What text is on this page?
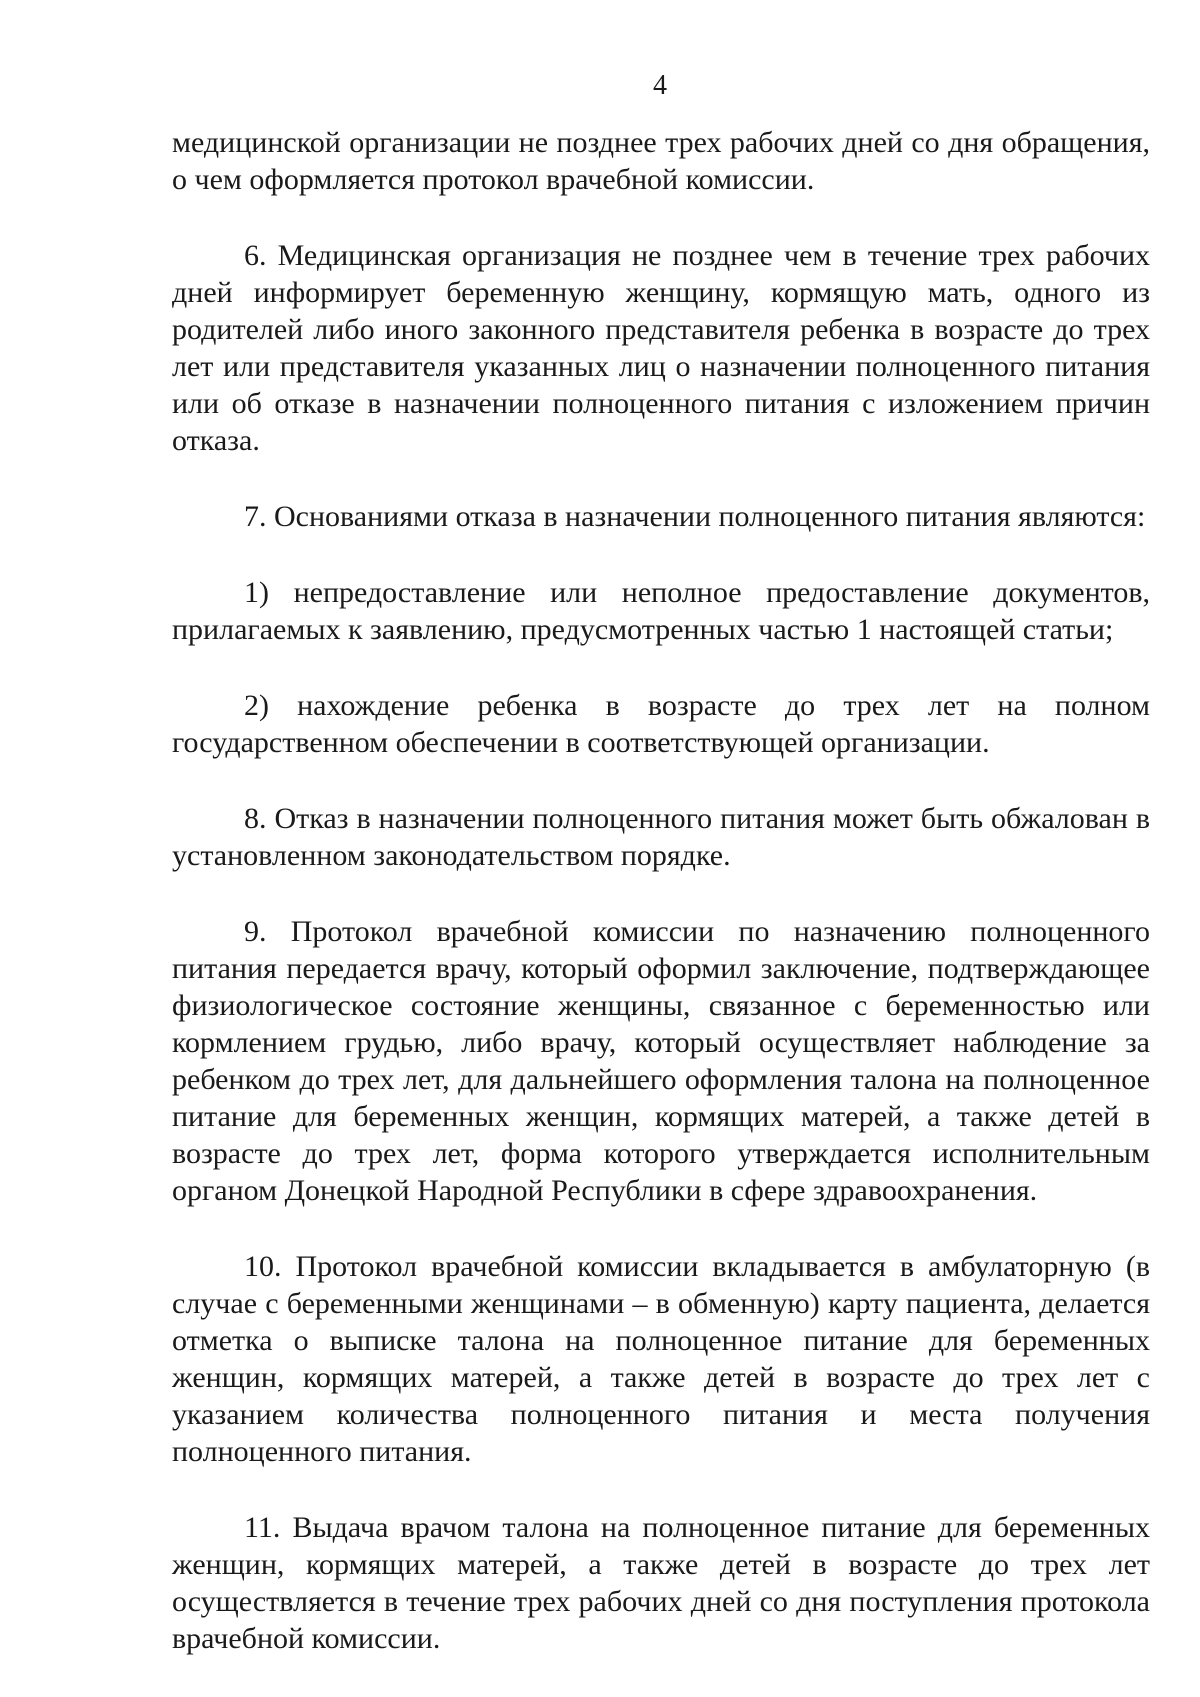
4

медицинской организации не позднее трех рабочих дней со дня обращения, о чем оформляется протокол врачебной комиссии.

6. Медицинская организация не позднее чем в течение трех рабочих дней информирует беременную женщину, кормящую мать, одного из родителей либо иного законного представителя ребенка в возрасте до трех лет или представителя указанных лиц о назначении полноценного питания или об отказе в назначении полноценного питания с изложением причин отказа.

7. Основаниями отказа в назначении полноценного питания являются:

1) непредоставление или неполное предоставление документов, прилагаемых к заявлению, предусмотренных частью 1 настоящей статьи;

2) нахождение ребенка в возрасте до трех лет на полном государственном обеспечении в соответствующей организации.

8. Отказ в назначении полноценного питания может быть обжалован в установленном законодательством порядке.

9. Протокол врачебной комиссии по назначению полноценного питания передается врачу, который оформил заключение, подтверждающее физиологическое состояние женщины, связанное с беременностью или кормлением грудью, либо врачу, который осуществляет наблюдение за ребенком до трех лет, для дальнейшего оформления талона на полноценное питание для беременных женщин, кормящих матерей, а также детей в возрасте до трех лет, форма которого утверждается исполнительным органом Донецкой Народной Республики в сфере здравоохранения.

10. Протокол врачебной комиссии вкладывается в амбулаторную (в случае с беременными женщинами – в обменную) карту пациента, делается отметка о выписке талона на полноценное питание для беременных женщин, кормящих матерей, а также детей в возрасте до трех лет с указанием количества полноценного питания и места получения полноценного питания.

11. Выдача врачом талона на полноценное питание для беременных женщин, кормящих матерей, а также детей в возрасте до трех лет осуществляется в течение трех рабочих дней со дня поступления протокола врачебной комиссии.
